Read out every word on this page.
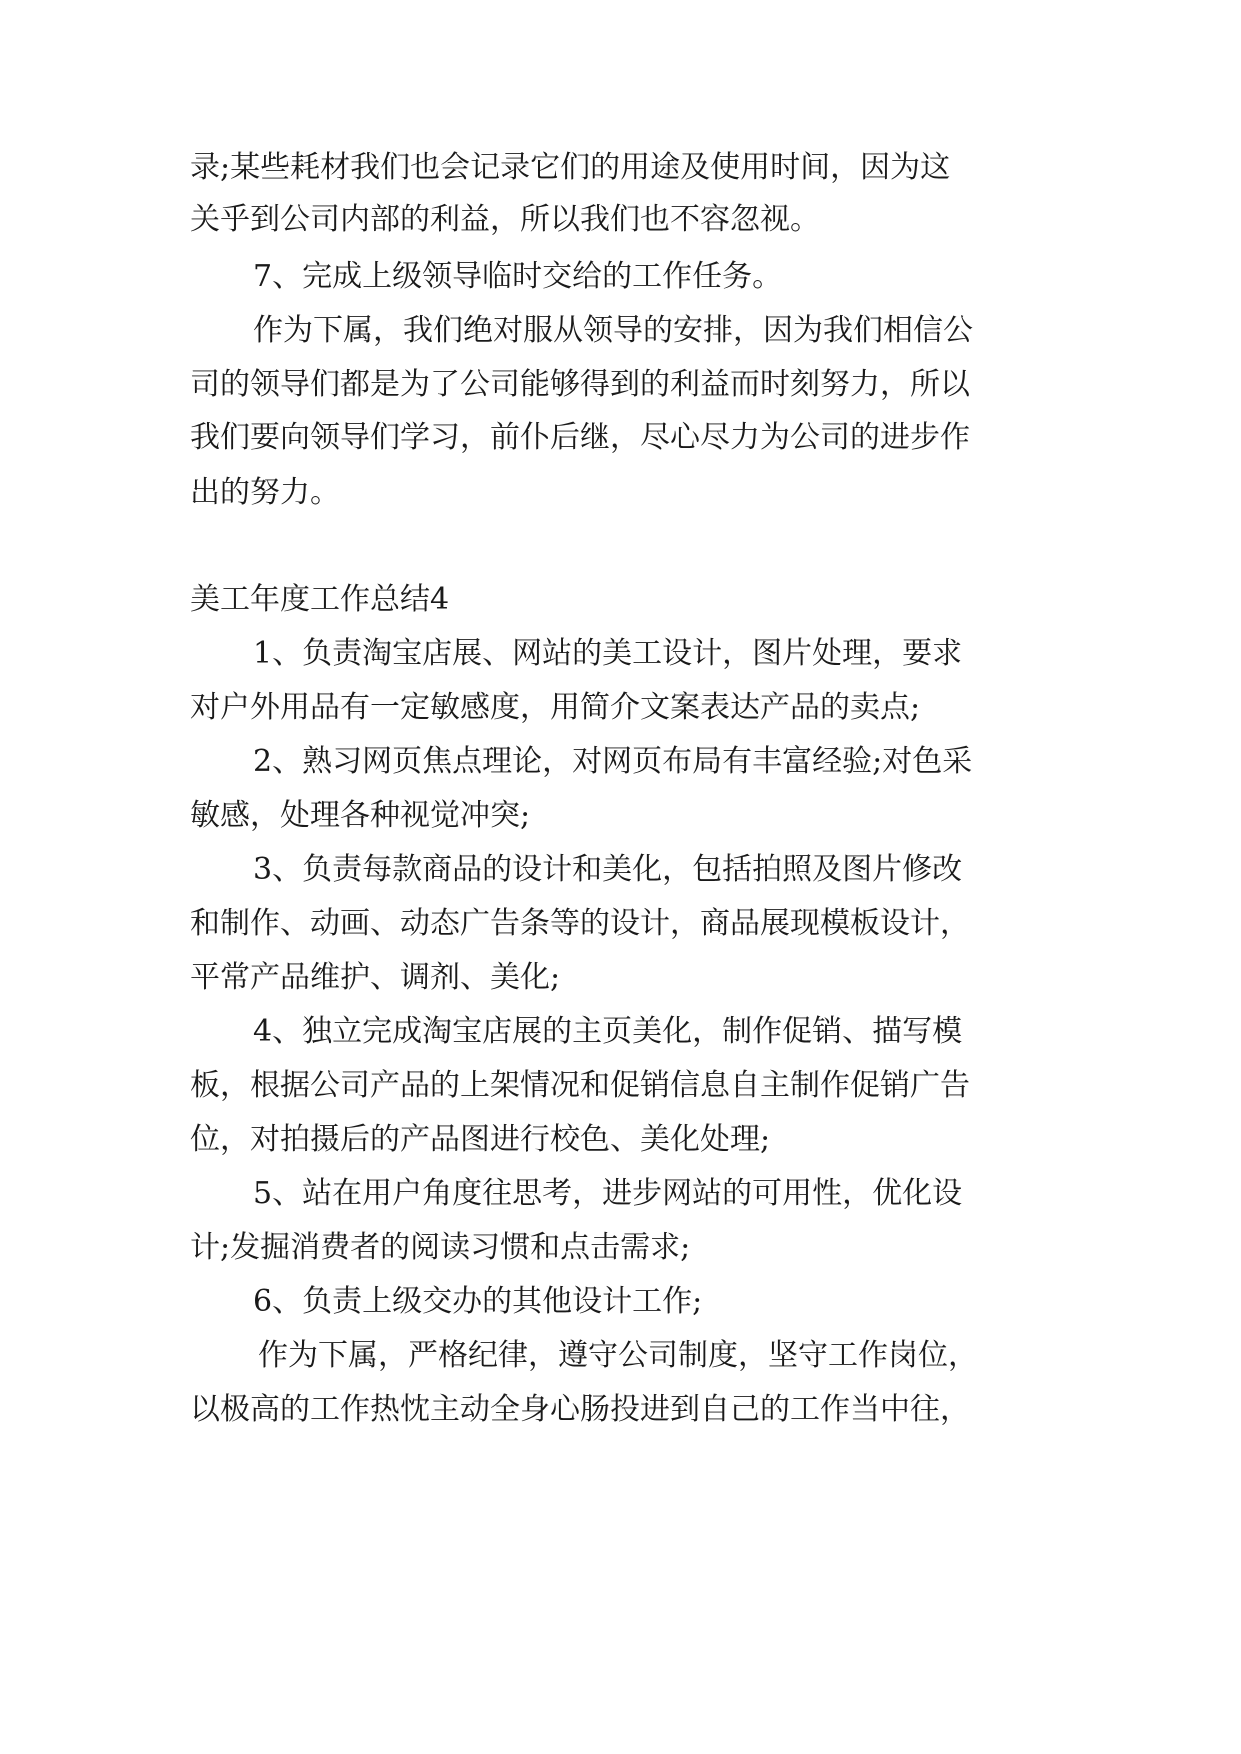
录;某些耗材我们也会记录它们的用途及使用时间，因为这
关乎到公司内部的利益，所以我们也不容忽视。
7、完成上级领导临时交给的工作任务。
作为下属，我们绝对服从领导的安排，因为我们相信公
司的领导们都是为了公司能够得到的利益而时刻努力，所以
我们要向领导们学习，前仆后继，尽心尽力为公司的进步作
出的努力。
美工年度工作总结4
1、负责淘宝店展、网站的美工设计，图片处理，要求
对户外用品有一定敏感度，用简介文案表达产品的卖点;
2、熟习网页焦点理论，对网页布局有丰富经验;对色采
敏感，处理各种视觉冲突;
3、负责每款商品的设计和美化，包括拍照及图片修改
和制作、动画、动态广告条等的设计，商品展现模板设计，
平常产品维护、调剂、美化;
4、独立完成淘宝店展的主页美化，制作促销、描写模
板，根据公司产品的上架情况和促销信息自主制作促销广告
位，对拍摄后的产品图进行校色、美化处理;
5、站在用户角度往思考，进步网站的可用性，优化设
计;发掘消费者的阅读习惯和点击需求;
6、负责上级交办的其他设计工作;
作为下属，严格纪律，遵守公司制度，坚守工作岗位，
以极高的工作热忱主动全身心肠投进到自己的工作当中往，
